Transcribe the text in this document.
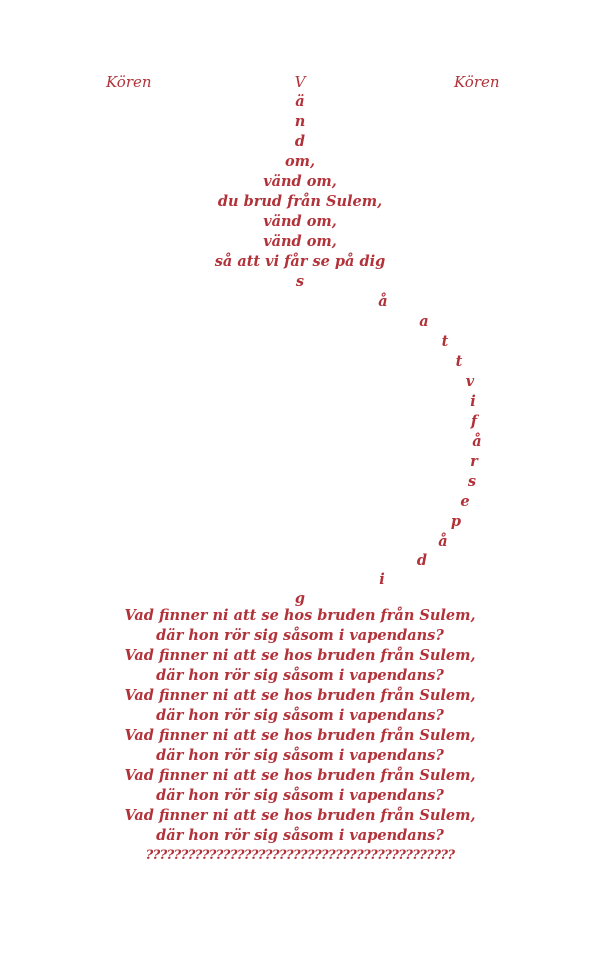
Kören	Kören
V
ä
n
d
om,
vänd om,
du brud från Sulem,
vänd om,
vänd om,
så att vi får se på dig
s
å
a
t
t
v
i
f
å
r
s
e
p
å
d
i
g
Vad finner ni att se hos bruden från Sulem,
där hon rör sig såsom i vapendans?
Vad finner ni att se hos bruden från Sulem,
där hon rör sig såsom i vapendans?
Vad finner ni att se hos bruden från Sulem,
där hon rör sig såsom i vapendans?
Vad finner ni att se hos bruden från Sulem,
där hon rör sig såsom i vapendans?
Vad finner ni att se hos bruden från Sulem,
där hon rör sig såsom i vapendans?
Vad finner ni att se hos bruden från Sulem,
där hon rör sig såsom i vapendans?
????????????????????????????????????????????
